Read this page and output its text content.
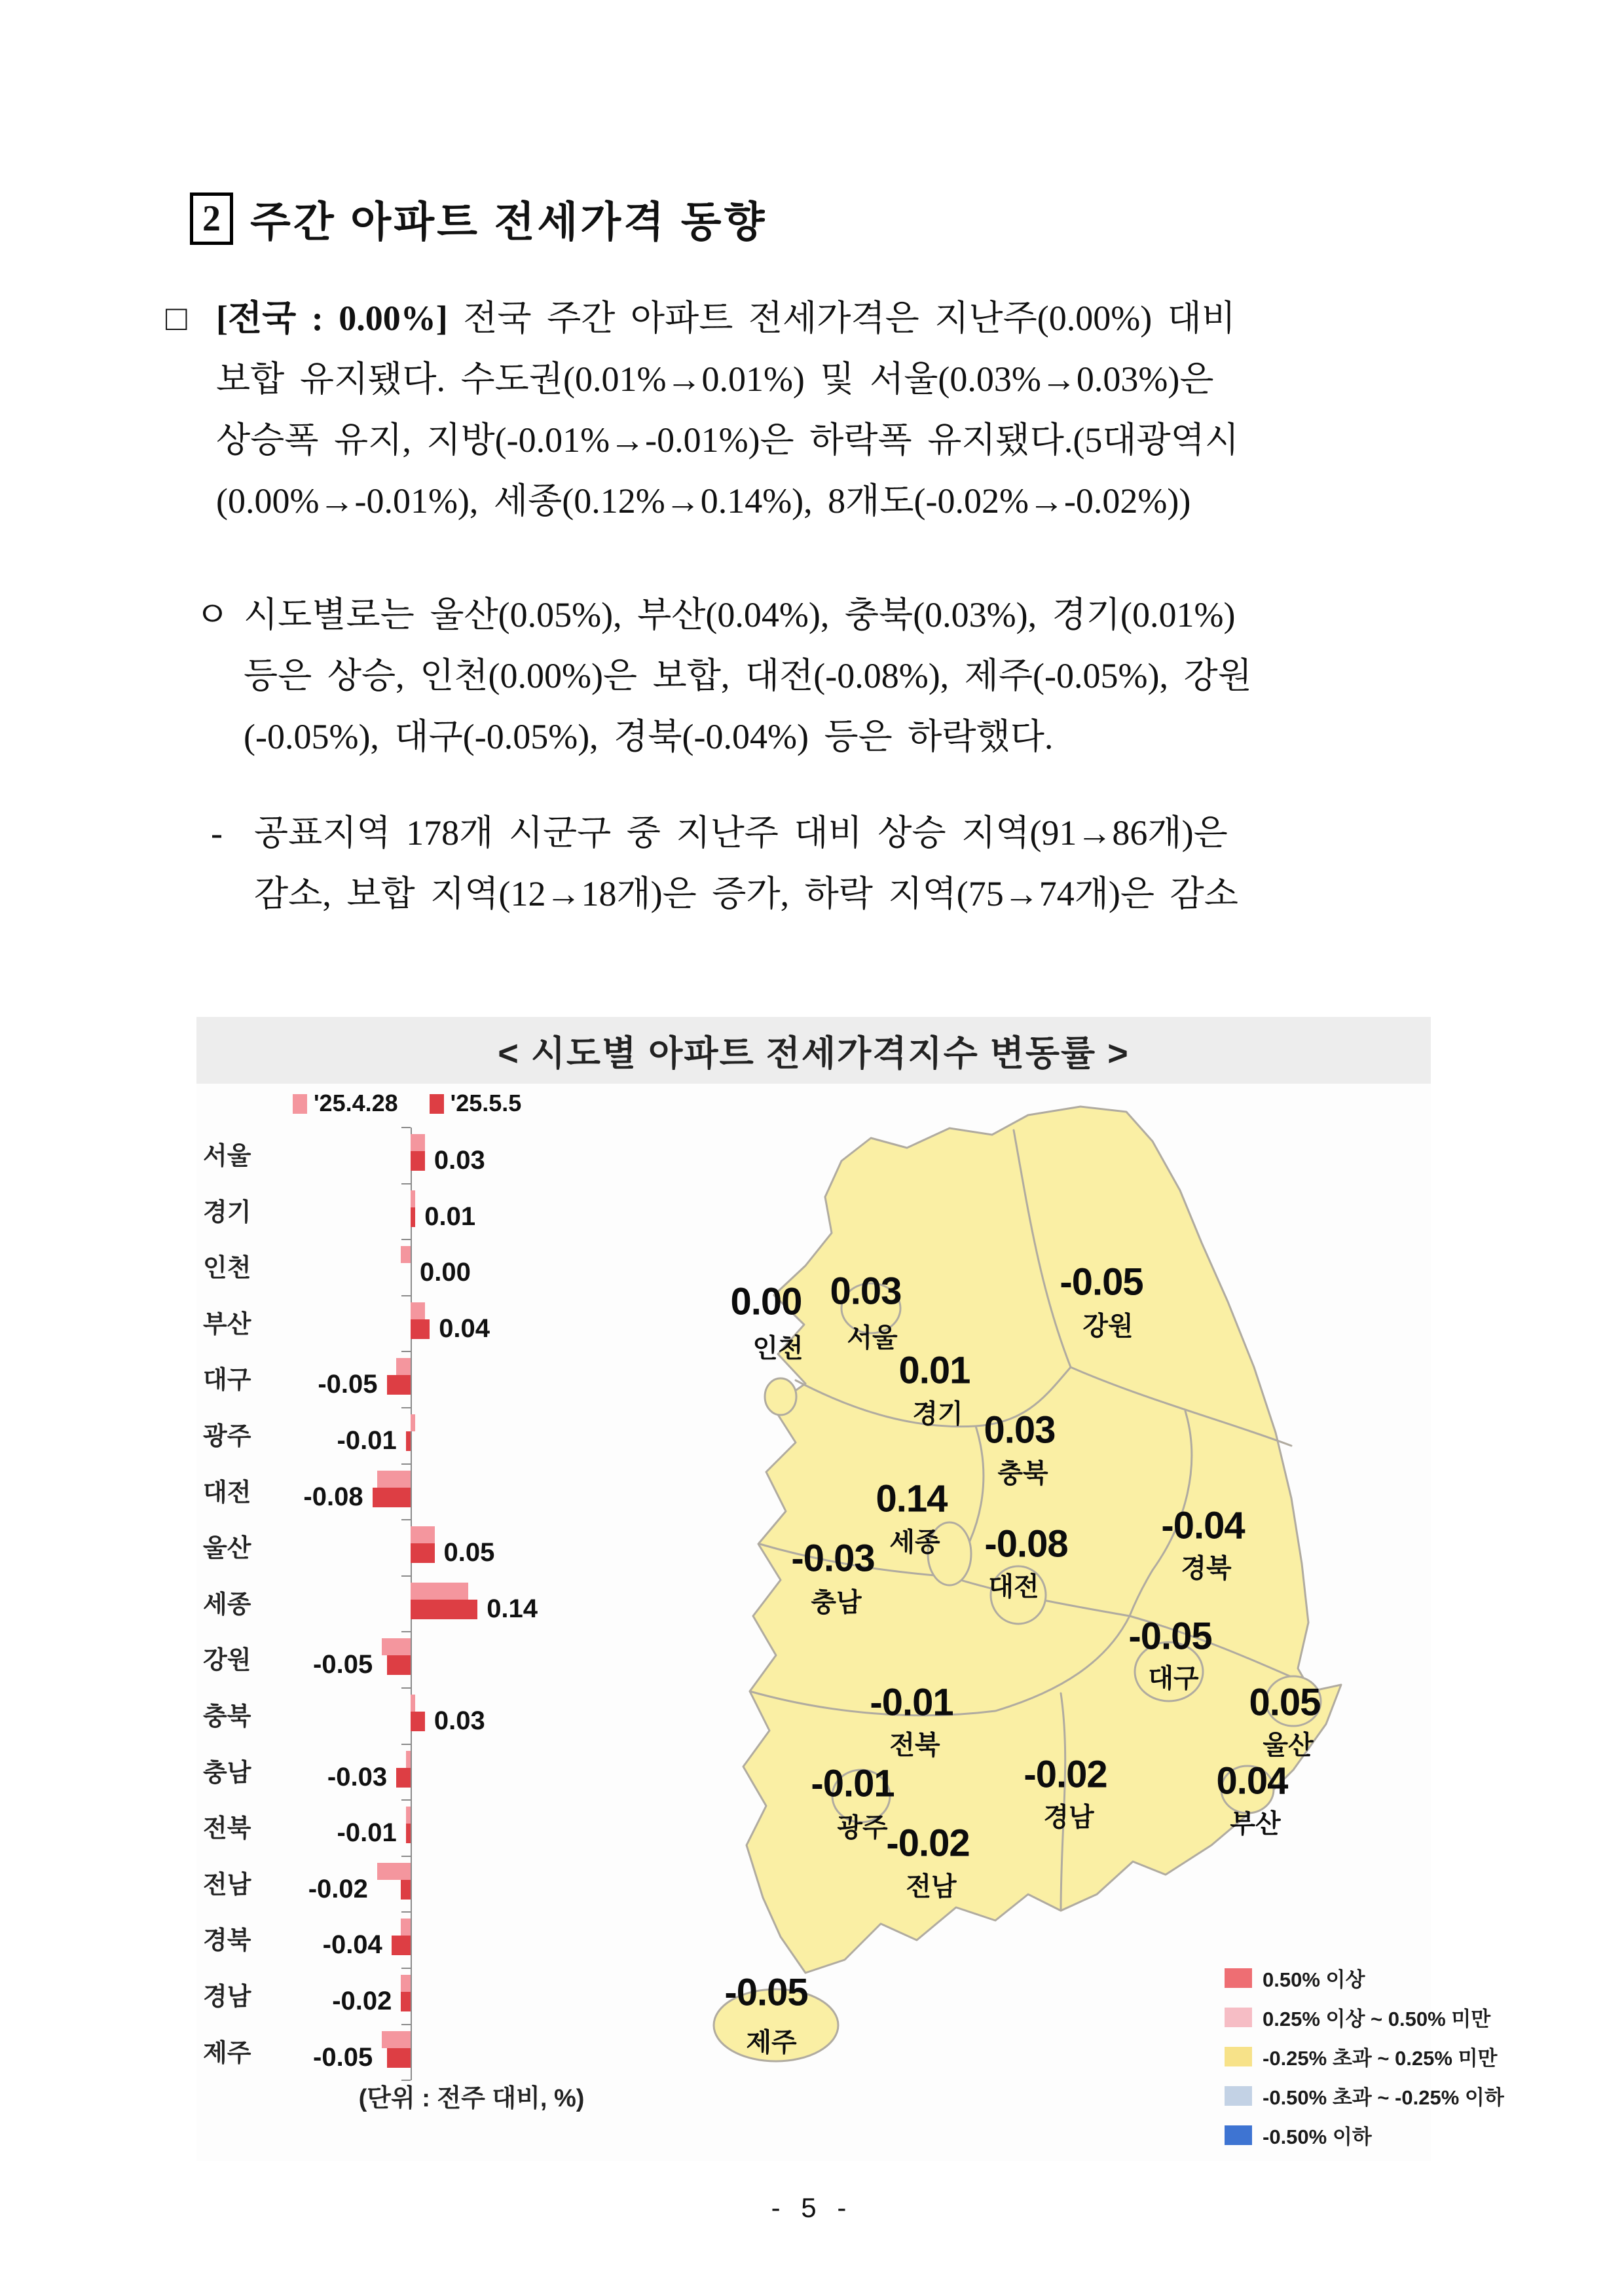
2 주간 아파트 전세가격 동향
□ [전국 : 0.00%] 전국 주간 아파트 전세가격은 지난주(0.00%) 대비
보합 유지됐다. 수도권(0.01%→0.01%) 및 서울(0.03%→0.03%)은
상승폭 유지, 지방(-0.01%→-0.01%)은 하락폭 유지됐다.(5대광역시
(0.00%→-0.01%), 세종(0.12%→0.14%), 8개도(-0.02%→-0.02%))
ㅇ 시도별로는 울산(0.05%), 부산(0.04%), 충북(0.03%), 경기(0.01%)
등은 상승, 인천(0.00%)은 보합, 대전(-0.08%), 제주(-0.05%), 강원
(-0.05%), 대구(-0.05%), 경북(-0.04%) 등은 하락했다.
- 공표지역 178개 시군구 중 지난주 대비 상승 지역(91→86개)은
감소, 보합 지역(12→18개)은 증가, 하락 지역(75→74개)은 감소
< 시도별 아파트 전세가격지수 변동률 >
'25.4.28	'25.5.5
서울	0.03
경기	0.01
인천	0.00
부산	0.04
대구	-0.05
광주	-0.01
대전	-0.08
울산	0.05
세종	0.14
강원	-0.05
충북	0.03
충남	-0.03
전북	-0.01
전남	-0.02
경북	-0.04
경남	-0.02
제주	-0.05
(단위 : 전주 대비, %)
0.00
인천
0.03
서울
-0.05
강원
0.01
경기 0.03
충북
0.14
세종 -0.08
대전
-0.03
충남
-0.04
경북
-0.05
대구
0.05
울산
-0.01
전북
-0.02
경남
0.04
부산
-0.01
광주
-0.02
전남
-0.05
제주
0.50% 이상
0.25% 이상 ~ 0.50% 미만
-0.25% 초과 ~ 0.25% 미만
-0.50% 초과 ~ -0.25% 이하
-0.50% 이하
- 5 -
